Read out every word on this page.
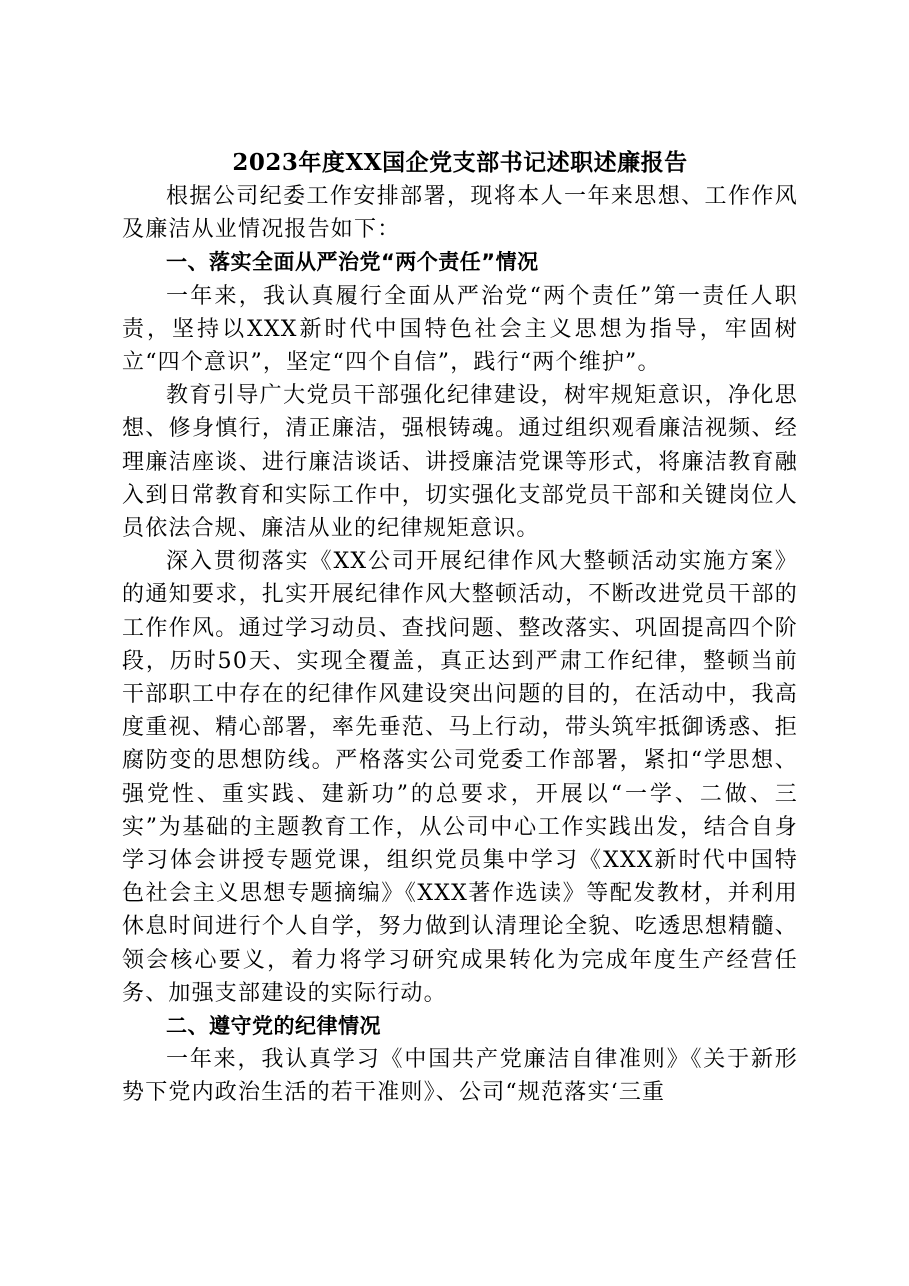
2023年度XX国企党支部书记述职述廉报告

根据公司纪委工作安排部署，现将本人一年来思想、工作作风及廉洁从业情况报告如下：

一、落实全面从严治党“两个责任”情况

一年来，我认真履行全面从严治党“两个责任”第一责任人职责，坚持以XXX新时代中国特色社会主义思想为指导，牢固树立“四个意识”，坚定“四个自信”，践行“两个维护”。

教育引导广大党员干部强化纪律建设，树牢规矩意识，净化思想、修身慎行，清正廉洁，强根铸魂。通过组织观看廉洁视频、经理廉洁座谈、进行廉洁谈话、讲授廉洁党课等形式，将廉洁教育融入到日常教育和实际工作中，切实强化支部党员干部和关键岗位人员依法合规、廉洁从业的纪律规矩意识。

深入贯彻落实《XX公司开展纪律作风大整顿活动实施方案》的通知要求，扎实开展纪律作风大整顿活动，不断改进党员干部的工作作风。通过学习动员、查找问题、整改落实、巩固提高四个阶段，历时50天、实现全覆盖，真正达到严肃工作纪律，整顿当前干部职工中存在的纪律作风建设突出问题的目的，在活动中，我高度重视、精心部署，率先垂范、马上行动，带头筑牢抵御诱惑、拒腐防变的思想防线。严格落实公司党委工作部署，紧扣“学思想、强党性、重实践、建新功”的总要求，开展以“一学、二做、三实”为基础的主题教育工作，从公司中心工作实践出发，结合自身学习体会讲授专题党课，组织党员集中学习《XXX新时代中国特色社会主义思想专题摘编》《XXX著作选读》等配发教材，并利用休息时间进行个人自学，努力做到认清理论全貌、吃透思想精髓、领会核心要义，着力将学习研究成果转化为完成年度生产经营任务、加强支部建设的实际行动。

二、遵守党的纪律情况

一年来，我认真学习《中国共产党廉洁自律准则》《关于新形势下党内政治生活的若干准则》、公司“规范落实‘三重
